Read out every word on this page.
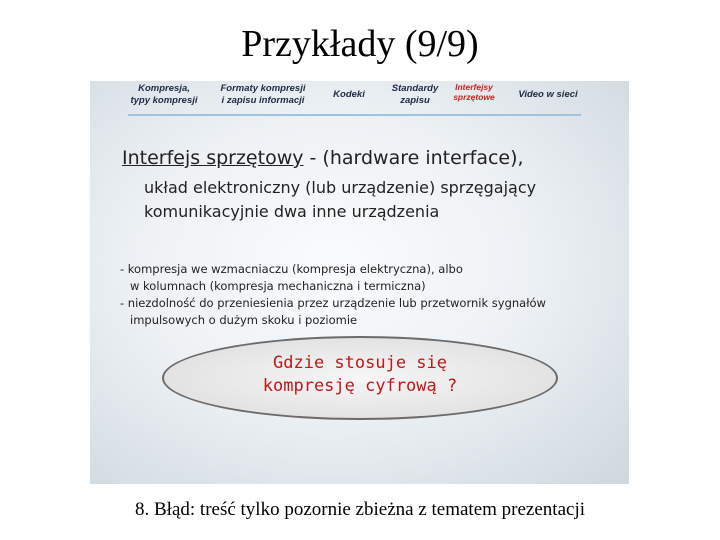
Przykłady (9/9)
Kompresja,
typy kompresji
Formaty kompresji
i zapisu informacji
Kodeki
Standardy
zapisu
Interfejsy
sprzętowe	Video w sieci
Interfejs sprzętowy - (hardware interface),
układ elektroniczny (lub urządzenie) sprzęgający
komunikacyjnie dwa inne urządzenia

- kompresja we wzmacniaczu (kompresja elektryczna), albo
w kolumnach (kompresja mechaniczna i termiczna)

- niezdolność do przeniesienia przez urządzenie lub przetwornik sygnałów
impulsowych o dużym skoku i poziomie

Gdzie stosuje się
kompresję cyfrową ?
8. Błąd: treść tylko pozornie zbieżna z tematem prezentacji
